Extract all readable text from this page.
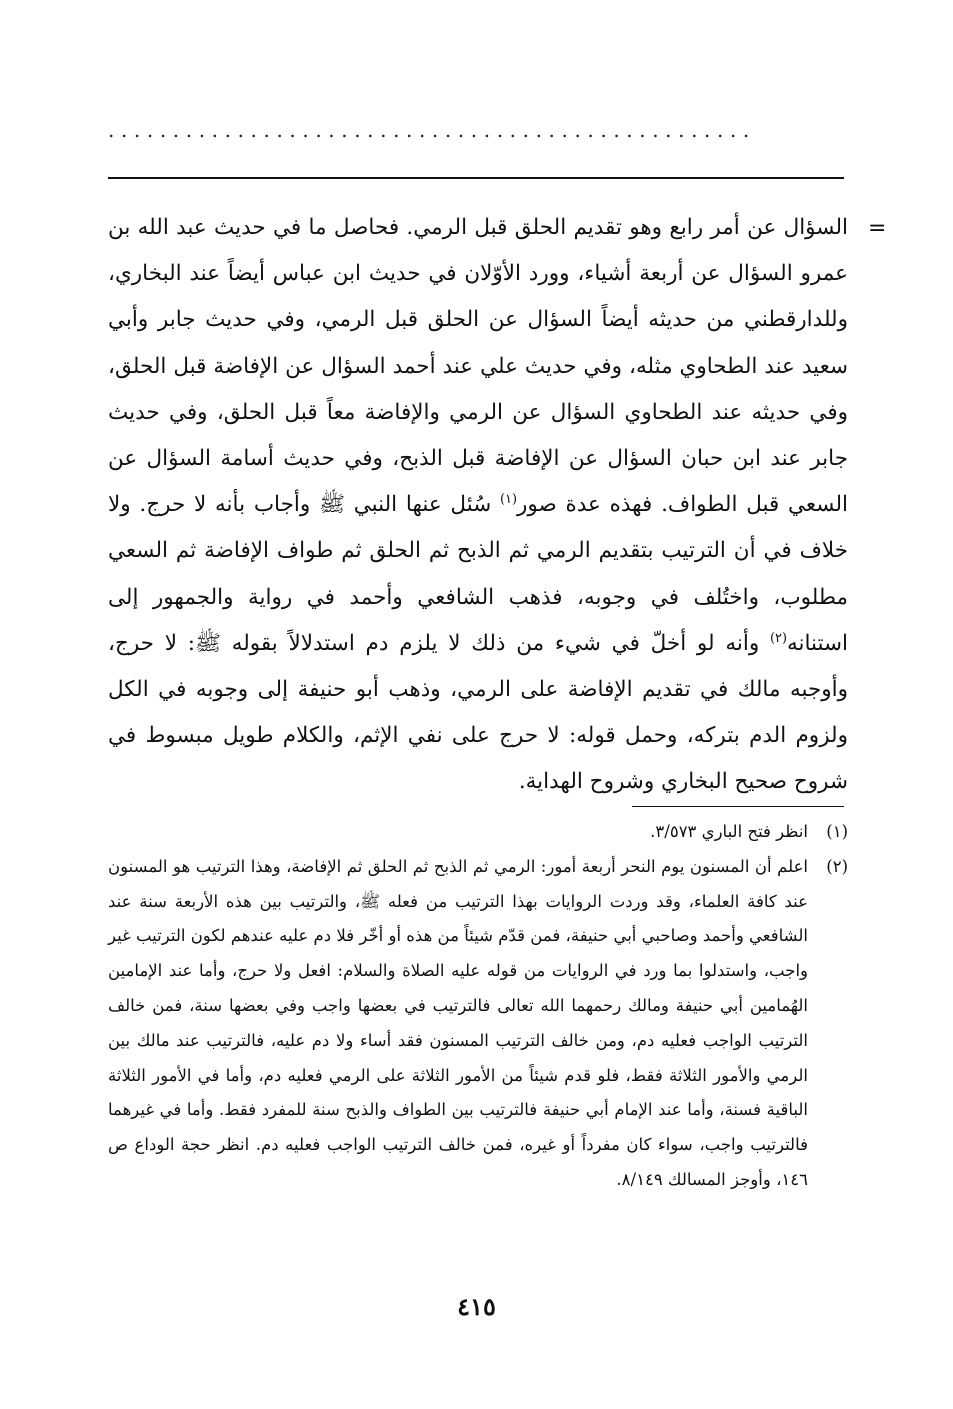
..................................................
=

السؤال عن أمر رابع وهو تقديم الحلق قبل الرمي. فحاصل ما في حديث عبد الله بن عمرو السؤال عن أربعة أشياء، وورد الأوّلان في حديث ابن عباس أيضاً عند البخاري، وللدارقطني من حديثه أيضاً السؤال عن الحلق قبل الرمي، وفي حديث جابر وأبي سعيد عند الطحاوي مثله، وفي حديث علي عند أحمد السؤال عن الإفاضة قبل الحلق، وفي حديثه عند الطحاوي السؤال عن الرمي والإفاضة معاً قبل الحلق، وفي حديث جابر عند ابن حبان السؤال عن الإفاضة قبل الذبح، وفي حديث أسامة السؤال عن السعي قبل الطواف. فهذه عدة صور$^{(١)}$ سُئل عنها النبي ﷺ وأجاب بأنه لا حرج. ولا خلاف في أن الترتيب بتقديم الرمي ثم الذبح ثم الحلق ثم طواف الإفاضة ثم السعي مطلوب، واختُلف في وجوبه، فذهب الشافعي وأحمد في رواية والجمهور إلى استنانه$^{(٢)}$ وأنه لو أخلّ في شيء من ذلك لا يلزم دم استدلالاً بقوله ﷺ: لا حرج، وأوجبه مالك في تقديم الإفاضة على الرمي، وذهب أبو حنيفة إلى وجوبه في الكل ولزوم الدم بتركه، وحمل قوله: لا حرج على نفي الإثم، والكلام طويل مبسوط في شروح صحيح البخاري وشروح الهداية.

(١)
انظر فتح الباري ٣/٥٧٣.

(٢)
اعلم أن المسنون يوم النحر أربعة أمور: الرمي ثم الذبح ثم الحلق ثم الإفاضة، وهذا الترتيب هو المسنون عند كافة العلماء، وقد وردت الروايات بهذا الترتيب من فعله ﷺ، والترتيب بين هذه الأربعة سنة عند الشافعي وأحمد وصاحبي أبي حنيفة، فمن قدّم شيئاً من هذه أو أخّر فلا دم عليه عندهم لكون الترتيب غير واجب، واستدلوا بما ورد في الروايات من قوله عليه الصلاة والسلام: افعل ولا حرج، وأما عند الإمامين الهُمامين أبي حنيفة ومالك رحمهما الله تعالى فالترتيب في بعضها واجب وفي بعضها سنة، فمن خالف الترتيب الواجب فعليه دم، ومن خالف الترتيب المسنون فقد أساء ولا دم عليه، فالترتيب عند مالك بين الرمي والأمور الثلاثة فقط، فلو قدم شيئاً من الأمور الثلاثة على الرمي فعليه دم، وأما في الأمور الثلاثة الباقية فسنة، وأما عند الإمام أبي حنيفة فالترتيب بين الطواف والذبح سنة للمفرد فقط. وأما في غيرهما فالترتيب واجب، سواء كان مفرداً أو غيره، فمن خالف الترتيب الواجب فعليه دم. انظر حجة الوداع ص ١٤٦، وأوجز المسالك ٨/١٤٩.

٤١٥
